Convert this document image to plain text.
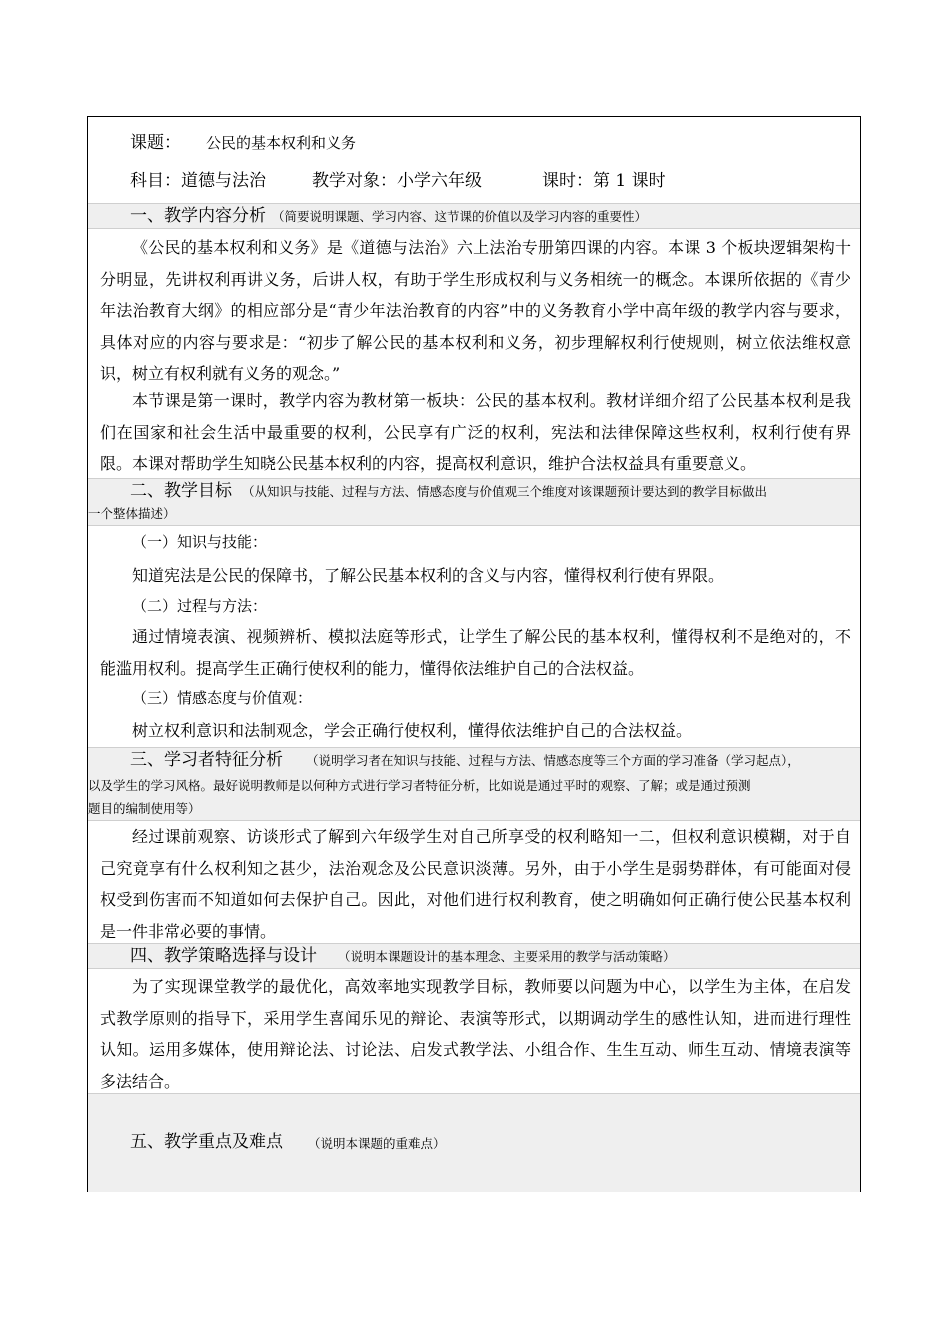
课题： 公民的基本权利和义务
科目：道德与法治	教学对象：小学六年级	课时：第 1 课时
一、教学内容分析 （简要说明课题、学习内容、这节课的价值以及学习内容的重要性）

《公民的基本权利和义务》是《道德与法治》六上法治专册第四课的内容。本课 3 个板块逻辑架构十分明显，先讲权利再讲义务，后讲人权，有助于学生形成权利与义务相统一的概念。本课所依据的《青少年法治教育大纲》的相应部分是“青少年法治教育的内容”中的义务教育小学中高年级的教学内容与要求，具体对应的内容与要求是：“初步了解公民的基本权利和义务，初步理解权利行使规则，树立依法维权意识，树立有权利就有义务的观念。”

本节课是第一课时，教学内容为教材第一板块：公民的基本权利。教材详细介绍了公民基本权利是我们在国家和社会生活中最重要的权利，公民享有广泛的权利，宪法和法律保障这些权利，权利行使有界限。本课对帮助学生知晓公民基本权利的内容，提高权利意识，维护合法权益具有重要意义。

二、教学目标 （从知识与技能、过程与方法、情感态度与价值观三个维度对该课题预计要达到的教学目标做出
一个整体描述）
（一）知识与技能：
知道宪法是公民的保障书，了解公民基本权利的含义与内容，懂得权利行使有界限。
（二）过程与方法：

通过情境表演、视频辨析、模拟法庭等形式，让学生了解公民的基本权利，懂得权利不是绝对的，不能滥用权利。提高学生正确行使权利的能力，懂得依法维护自己的合法权益。

（三）情感态度与价值观：
树立权利意识和法制观念，学会正确行使权利，懂得依法维护自己的合法权益。
三、学习者特征分析 （说明学习者在知识与技能、过程与方法、情感态度等三个方面的学习准备（学习起点），
以及学生的学习风格。最好说明教师是以何种方式进行学习者特征分析，比如说是通过平时的观察、了解；或是通过预测
题目的编制使用等）

经过课前观察、访谈形式了解到六年级学生对自己所享受的权利略知一二，但权利意识模糊，对于自己究竟享有什么权利知之甚少，法治观念及公民意识淡薄。另外，由于小学生是弱势群体，有可能面对侵权受到伤害而不知道如何去保护自己。因此，对他们进行权利教育，使之明确如何正确行使公民基本权利是一件非常必要的事情。

四、教学策略选择与设计 （说明本课题设计的基本理念、主要采用的教学与活动策略）

为了实现课堂教学的最优化，高效率地实现教学目标，教师要以问题为中心，以学生为主体，在启发式教学原则的指导下，采用学生喜闻乐见的辩论、表演等形式，以期调动学生的感性认知，进而进行理性认知。运用多媒体，使用辩论法、讨论法、启发式教学法、小组合作、生生互动、师生互动、情境表演等多法结合。

五、教学重点及难点 （说明本课题的重难点）
